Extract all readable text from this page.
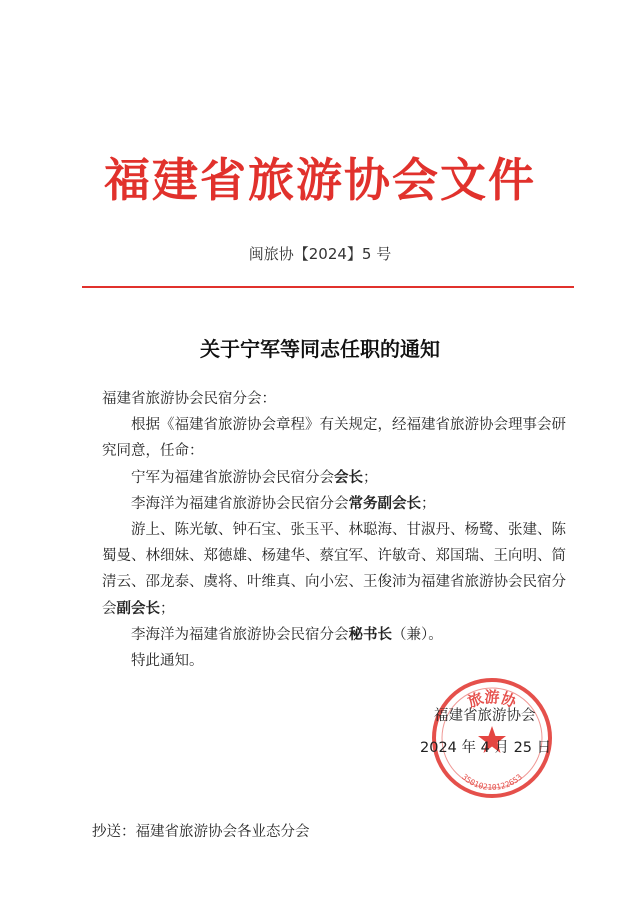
福建省旅游协会文件
闽旅协【2024】5 号
关于宁军等同志任职的通知

福建省旅游协会民宿分会：

根据《福建省旅游协会章程》有关规定，经福建省旅游协会理事会研究同意，任命：

宁军为福建省旅游协会民宿分会会长；

李海洋为福建省旅游协会民宿分会常务副会长；

游上、陈光敏、钟石宝、张玉平、林聪海、甘淑丹、杨鹭、张建、陈蜀曼、林细妹、郑德雄、杨建华、蔡宜军、许敏奇、郑国瑞、王向明、简清云、邵龙泰、虞将、叶维真、向小宏、王俊沛为福建省旅游协会民宿分会副会长；

李海洋为福建省旅游协会民宿分会秘书长（兼）。

特此通知。

旅游协
35010210122653
福建省旅游协会
2024 年 4 月 25 日
抄送：福建省旅游协会各业态分会
